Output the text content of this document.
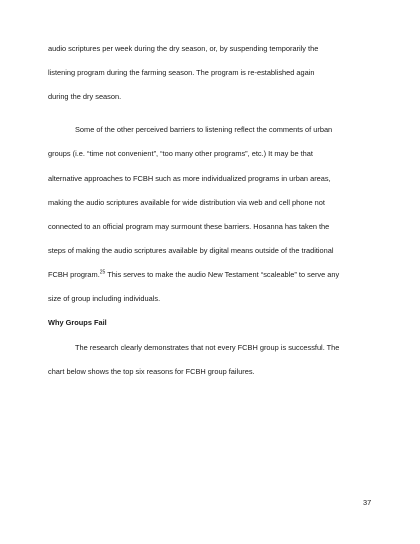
audio scriptures per week during the dry season, or, by suspending temporarily the

listening program during the farming season. The program is re-established again

during the dry season.

Some of the other perceived barriers to listening reflect the comments of urban

groups (i.e. “time not convenient”, “too many other programs”, etc.) It may be that

alternative approaches to FCBH such as more individualized programs in urban areas,

making the audio scriptures available for wide distribution via web and cell phone not

connected to an official program may surmount these barriers. Hosanna has taken the

steps of making the audio scriptures available by digital means outside of the traditional

FCBH program.$^{25}$ This serves to make the audio New Testament “scaleable” to serve any

size of group including individuals.

Why Groups Fail

The research clearly demonstrates that not every FCBH group is successful. The

chart below shows the top six reasons for FCBH group failures.

37
